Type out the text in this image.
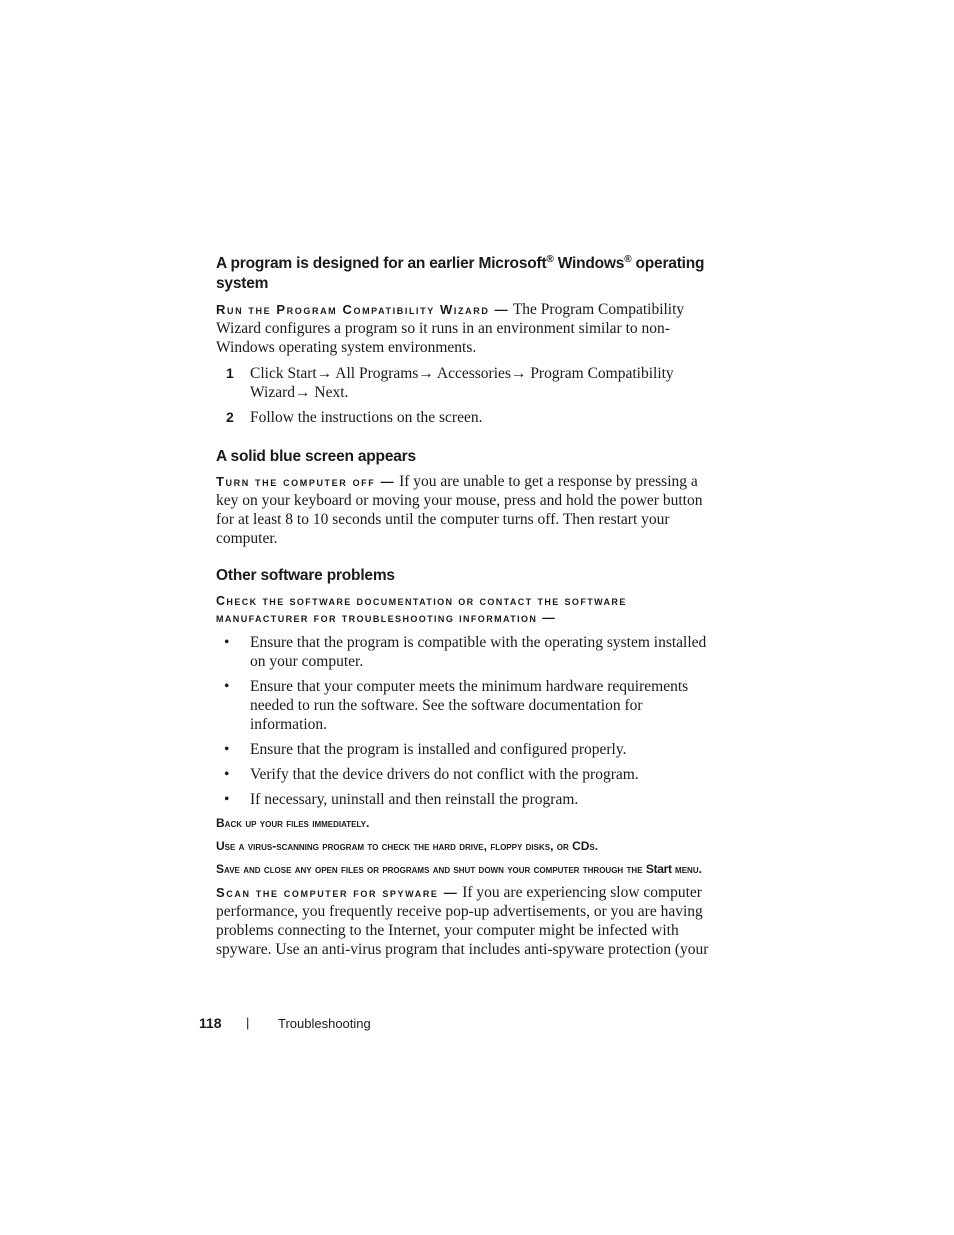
A program is designed for an earlier Microsoft® Windows® operating system

Run the Program Compatibility Wizard — The Program Compatibility Wizard configures a program so it runs in an environment similar to non-Windows operating system environments.

1 Click Start→ All Programs→ Accessories→ Program Compatibility Wizard→ Next.
2 Follow the instructions on the screen.
A solid blue screen appears

Turn the computer off — If you are unable to get a response by pressing a key on your keyboard or moving your mouse, press and hold the power button for at least 8 to 10 seconds until the computer turns off. Then restart your computer.

Other software problems

Check the software documentation or contact the software manufacturer for troubleshooting information —

• Ensure that the program is compatible with the operating system installed on your computer.
• Ensure that your computer meets the minimum hardware requirements needed to run the software. See the software documentation for information.
• Ensure that the program is installed and configured properly.
• Verify that the device drivers do not conflict with the program.
• If necessary, uninstall and then reinstall the program.

Back up your files immediately.

Use a virus-scanning program to check the hard drive, floppy disks, or CDs.

Save and close any open files or programs and shut down your computer through the Start menu.

Scan the computer for spyware — If you are experiencing slow computer performance, you frequently receive pop-up advertisements, or you are having problems connecting to the Internet, your computer might be infected with spyware. Use an anti-virus program that includes anti-spyware protection (your

118 | Troubleshooting
